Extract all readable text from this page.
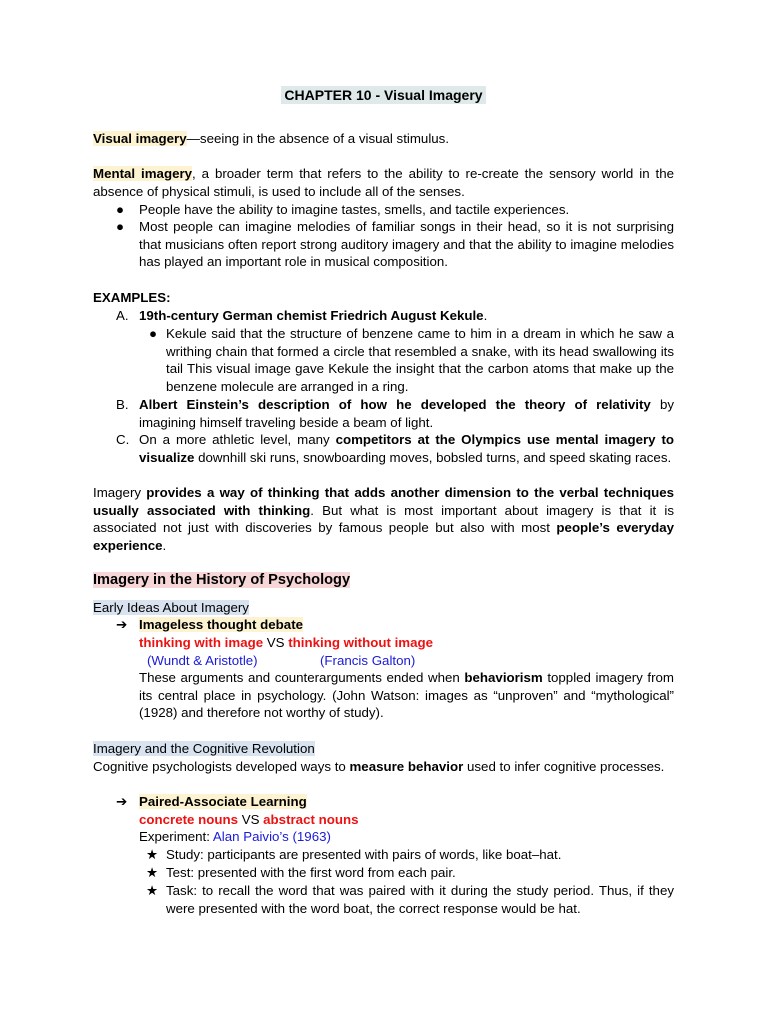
CHAPTER 10 - Visual Imagery
Visual imagery—seeing in the absence of a visual stimulus.
Mental imagery, a broader term that refers to the ability to re-create the sensory world in the absence of physical stimuli, is used to include all of the senses.
● People have the ability to imagine tastes, smells, and tactile experiences.
● Most people can imagine melodies of familiar songs in their head, so it is not surprising that musicians often report strong auditory imagery and that the ability to imagine melodies has played an important role in musical composition.
EXAMPLES:
A. 19th-century German chemist Friedrich August Kekule.
● Kekule said that the structure of benzene came to him in a dream in which he saw a writhing chain that formed a circle that resembled a snake, with its head swallowing its tail This visual image gave Kekule the insight that the carbon atoms that make up the benzene molecule are arranged in a ring.
B. Albert Einstein’s description of how he developed the theory of relativity by imagining himself traveling beside a beam of light.
C. On a more athletic level, many competitors at the Olympics use mental imagery to visualize downhill ski runs, snowboarding moves, bobsled turns, and speed skating races.
Imagery provides a way of thinking that adds another dimension to the verbal techniques usually associated with thinking. But what is most important about imagery is that it is associated not just with discoveries by famous people but also with most people’s everyday experience.
Imagery in the History of Psychology
Early Ideas About Imagery
➔ Imageless thought debate
thinking with image VS thinking without image
(Wundt & Aristotle)	(Francis Galton)
These arguments and counterarguments ended when behaviorism toppled imagery from its central place in psychology. (John Watson: images as “unproven” and “mythological” (1928) and therefore not worthy of study).
Imagery and the Cognitive Revolution
Cognitive psychologists developed ways to measure behavior used to infer cognitive processes.
➔ Paired-Associate Learning
concrete nouns VS abstract nouns
Experiment: Alan Paivio’s (1963)
★ Study: participants are presented with pairs of words, like boat–hat.
★ Test: presented with the first word from each pair.
★ Task: to recall the word that was paired with it during the study period. Thus, if they were presented with the word boat, the correct response would be hat.
